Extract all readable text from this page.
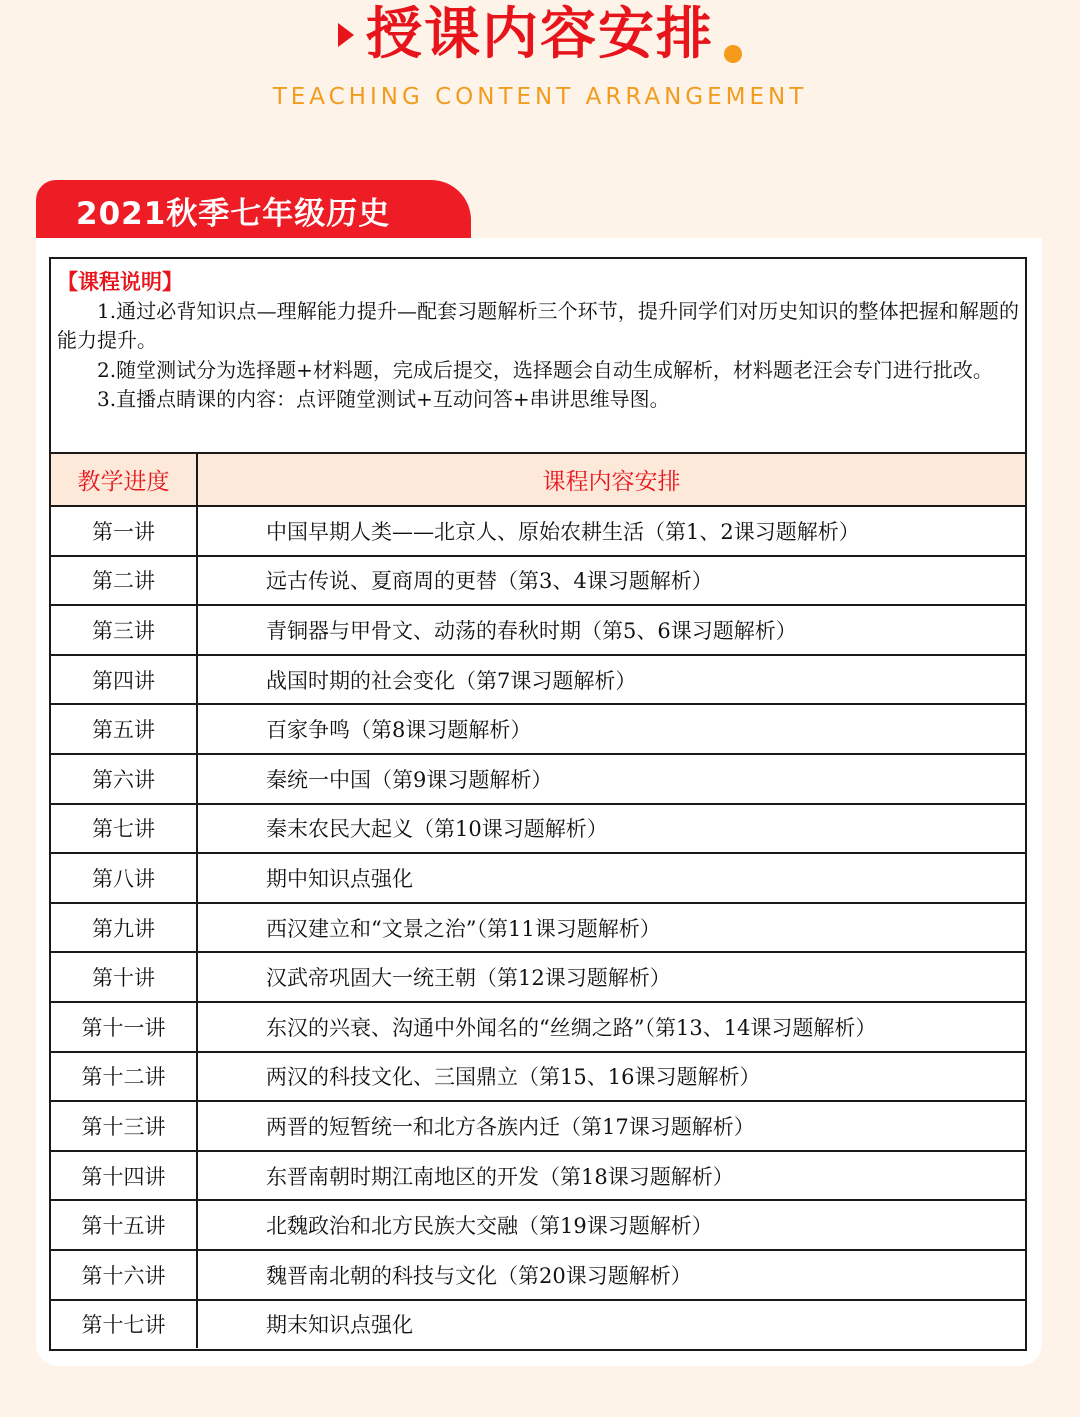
授课内容安排
TEACHING CONTENT ARRANGEMENT
2021秋季七年级历史
【课程说明】

1.通过必背知识点—理解能力提升—配套习题解析三个环节，提升同学们对历史知识的整体把握和解题的能力提升。

2.随堂测试分为选择题+材料题，完成后提交，选择题会自动生成解析，材料题老汪会专门进行批改。

3.直播点睛课的内容：点评随堂测试+互动问答+串讲思维导图。

教学进度	课程内容安排
第一讲	中国早期人类——北京人、原始农耕生活（第1、2课习题解析）
第二讲	远古传说、夏商周的更替（第3、4课习题解析）
第三讲	青铜器与甲骨文、动荡的春秋时期（第5、6课习题解析）
第四讲	战国时期的社会变化（第7课习题解析）
第五讲	百家争鸣（第8课习题解析）
第六讲	秦统一中国（第9课习题解析）
第七讲	秦末农民大起义（第10课习题解析）
第八讲	期中知识点强化
第九讲	西汉建立和“文景之治”（第11课习题解析）
第十讲	汉武帝巩固大一统王朝（第12课习题解析）
第十一讲	东汉的兴衰、沟通中外闻名的“丝绸之路”（第13、14课习题解析）
第十二讲	两汉的科技文化、三国鼎立（第15、16课习题解析）
第十三讲	两晋的短暂统一和北方各族内迁（第17课习题解析）
第十四讲	东晋南朝时期江南地区的开发（第18课习题解析）
第十五讲	北魏政治和北方民族大交融（第19课习题解析）
第十六讲	魏晋南北朝的科技与文化（第20课习题解析）
第十七讲	期末知识点强化
